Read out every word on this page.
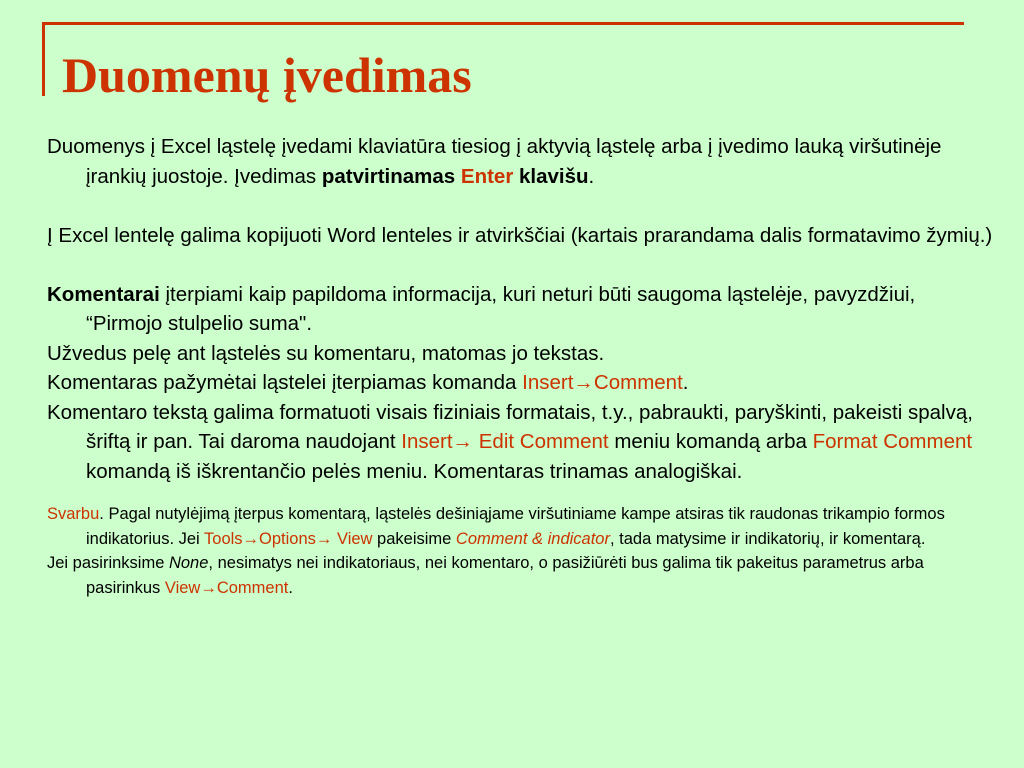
Duomenų įvedimas

Duomenys į Excel ląstelę įvedami klaviatūra tiesiog į aktyvią ląstelę arba į įvedimo lauką viršutinėje įrankių juostoje. Įvedimas patvirtinamas Enter klavišu.

Į Excel lentelę galima kopijuoti Word lenteles ir atvirkščiai (kartais prarandama dalis formatavimo žymių.)

Komentarai įterpiami kaip papildoma informacija, kuri neturi būti saugoma ląstelėje, pavyzdžiui, “Pirmojo stulpelio suma".

Užvedus pelę ant ląstelės su komentaru, matomas jo tekstas.

Komentaras pažymėtai ląstelei įterpiamas komanda Insert→Comment.

Komentaro tekstą galima formatuoti visais fiziniais formatais, t.y., pabraukti, paryškinti, pakeisti spalvą, šriftą ir pan. Tai daroma naudojant Insert→ Edit Comment meniu komandą arba Format Comment komandą iš iškrentančio pelės meniu. Komentaras trinamas analogiškai.

Svarbu. Pagal nutylėjimą įterpus komentarą, ląstelės dešiniąjame viršutiniame kampe atsiras tik raudonas trikampio formos indikatorius. Jei Tools→Options→ View pakeisime Comment & indicator, tada matysime ir indikatorių, ir komentarą.

Jei pasirinksime None, nesimatys nei indikatoriaus, nei komentaro, o pasižiūrėti bus galima tik pakeitus parametrus arba pasirinkus View→Comment.
